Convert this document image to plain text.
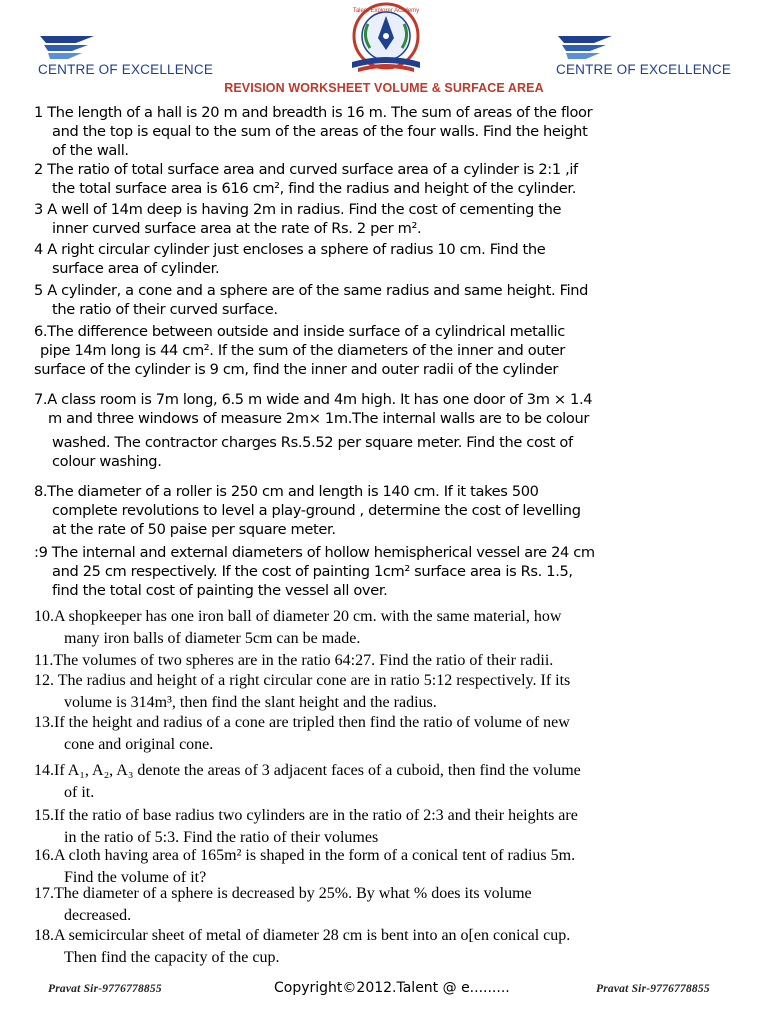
CENTRE OF EXCELLENCE
Talent Explorer Academy
CENTRE OF EXCELLENCE
REVISION WORKSHEET VOLUME & SURFACE AREA
1 The length of a hall is 20 m and breadth is 16 m. The sum of areas of the floor
and the top is equal to the sum of the areas of the four walls. Find the height
of the wall.
2 The ratio of total surface area and curved surface area of a cylinder is 2:1 ,if
the total surface area is 616 cm², find the radius and height of the cylinder.
3 A well of 14m deep is having 2m in radius. Find the cost of cementing the
inner curved surface area at the rate of Rs. 2 per m².
4 A right circular cylinder just encloses a sphere of radius 10 cm. Find the
surface area of cylinder.
5 A cylinder, a cone and a sphere are of the same radius and same height. Find
the ratio of their curved surface.
6.The difference between outside and inside surface of a cylindrical metallic
pipe 14m long is 44 cm². If the sum of the diameters of the inner and outer
surface of the cylinder is 9 cm, find the inner and outer radii of the cylinder
7.A class room is 7m long, 6.5 m wide and 4m high. It has one door of 3m × 1.4
m and three windows of measure 2m× 1m.The internal walls are to be colour
washed. The contractor charges Rs.5.52 per square meter. Find the cost of
colour washing.
8.The diameter of a roller is 250 cm and length is 140 cm. If it takes 500
complete revolutions to level a play-ground , determine the cost of levelling
at the rate of 50 paise per square meter.
:9 The internal and external diameters of hollow hemispherical vessel are 24 cm
and 25 cm respectively. If the cost of painting 1cm² surface area is Rs. 1.5,
find the total cost of painting the vessel all over.
10.A shopkeeper has one iron ball of diameter 20 cm. with the same material, how
many iron balls of diameter 5cm can be made.
11.The volumes of two spheres are in the ratio 64:27. Find the ratio of their radii.
12. The radius and height of a right circular cone are in ratio 5:12 respectively. If its
volume is 314m³, then find the slant height and the radius.
13.If the height and radius of a cone are tripled then find the ratio of volume of new
cone and original cone.
14.If A₁, A₂, A₃ denote the areas of 3 adjacent faces of a cuboid, then find the volume
of it.
15.If the ratio of base radius two cylinders are in the ratio of 2:3 and their heights are
in the ratio of 5:3. Find the ratio of their volumes
16.A cloth having area of 165m² is shaped in the form of a conical tent of radius 5m.
Find the volume of it?
17.The diameter of a sphere is decreased by 25%. By what % does its volume
decreased.
18.A semicircular sheet of metal of diameter 28 cm is bent into an o[en conical cup.
Then find the capacity of the cup.
Pravat Sir-9776778855	Copyright©2012.Talent @ e.........	Pravat Sir-9776778855
